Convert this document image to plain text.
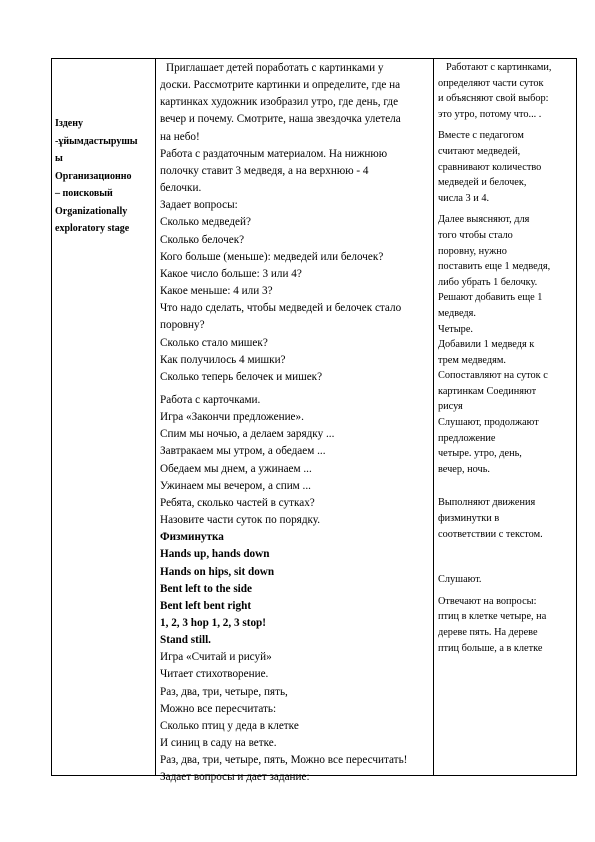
Іздену
-ұйымдастырушы
ы
Организационно
– поисковый
Organizationally
exploratory stage
Приглашает детей поработать с картинками у
доски. Рассмотрите картинки и определите, где на
картинках художник изобразил утро, где день, где
вечер и почему. Смотрите, наша звездочка улетела
на небо!
Работа с раздаточным материалом. На нижнюю
полочку ставит 3 медведя, а на верхнюю - 4
белочки.
Задает вопросы:
Сколько медведей?
Сколько белочек?
Кого больше (меньше): медведей или белочек?
Какое число больше: 3 или 4?
Какое меньше: 4 или 3?
Что надо сделать, чтобы медведей и белочек стало
поровну?
Сколько стало мишек?
Как получилось 4 мишки?
Сколько теперь белочек и мишек?
Работа с карточками.
Игра «Закончи предложение».
Спим мы ночью, а делаем зарядку ...
Завтракаем мы утром, а обедаем ...
Обедаем мы днем, а ужинаем ...
Ужинаем мы вечером, а спим ...
Ребята, сколько частей в сутках?
Назовите части суток по порядку.
Физминутка
Hands up, hands down
Hands on hips, sit down
Bent left to the side
Bent left bent right
1, 2, 3 hop 1, 2, 3 stop!
Stand still.
Игра «Считай и рисуй»
Читает стихотворение.
Раз, два, три, четыре, пять,
Можно все пересчитать:
Сколько птиц у деда в клетке
И синиц в саду на ветке.
Раз, два, три, четыре, пять, Можно все пересчитать!
Задает вопросы и дает задание:
Работают с картинками,
определяют части суток
и объясняют свой выбор:
это утро, потому что... .
Вместе с педагогом
считают медведей,
сравнивают количество
медведей и белочек,
числа 3 и 4.
Далее выясняют, для
того чтобы стало
поровну, нужно
поставить еще 1 медведя,
либо убрать 1 белочку.
Решают добавить еще 1
медведя.
Четыре.
Добавили 1 медведя к
трем медведям.
Сопоставляют на суток с
картинкам Соединяют
рисуя
Слушают, продолжают
предложение
четыре. утро, день,
вечер, ночь.
Выполняют движения
физминутки в
соответствии с текстом.
Слушают.
Отвечают на вопросы:
птиц в клетке четыре, на
дереве пять. На дереве
птиц больше, а в клетке
